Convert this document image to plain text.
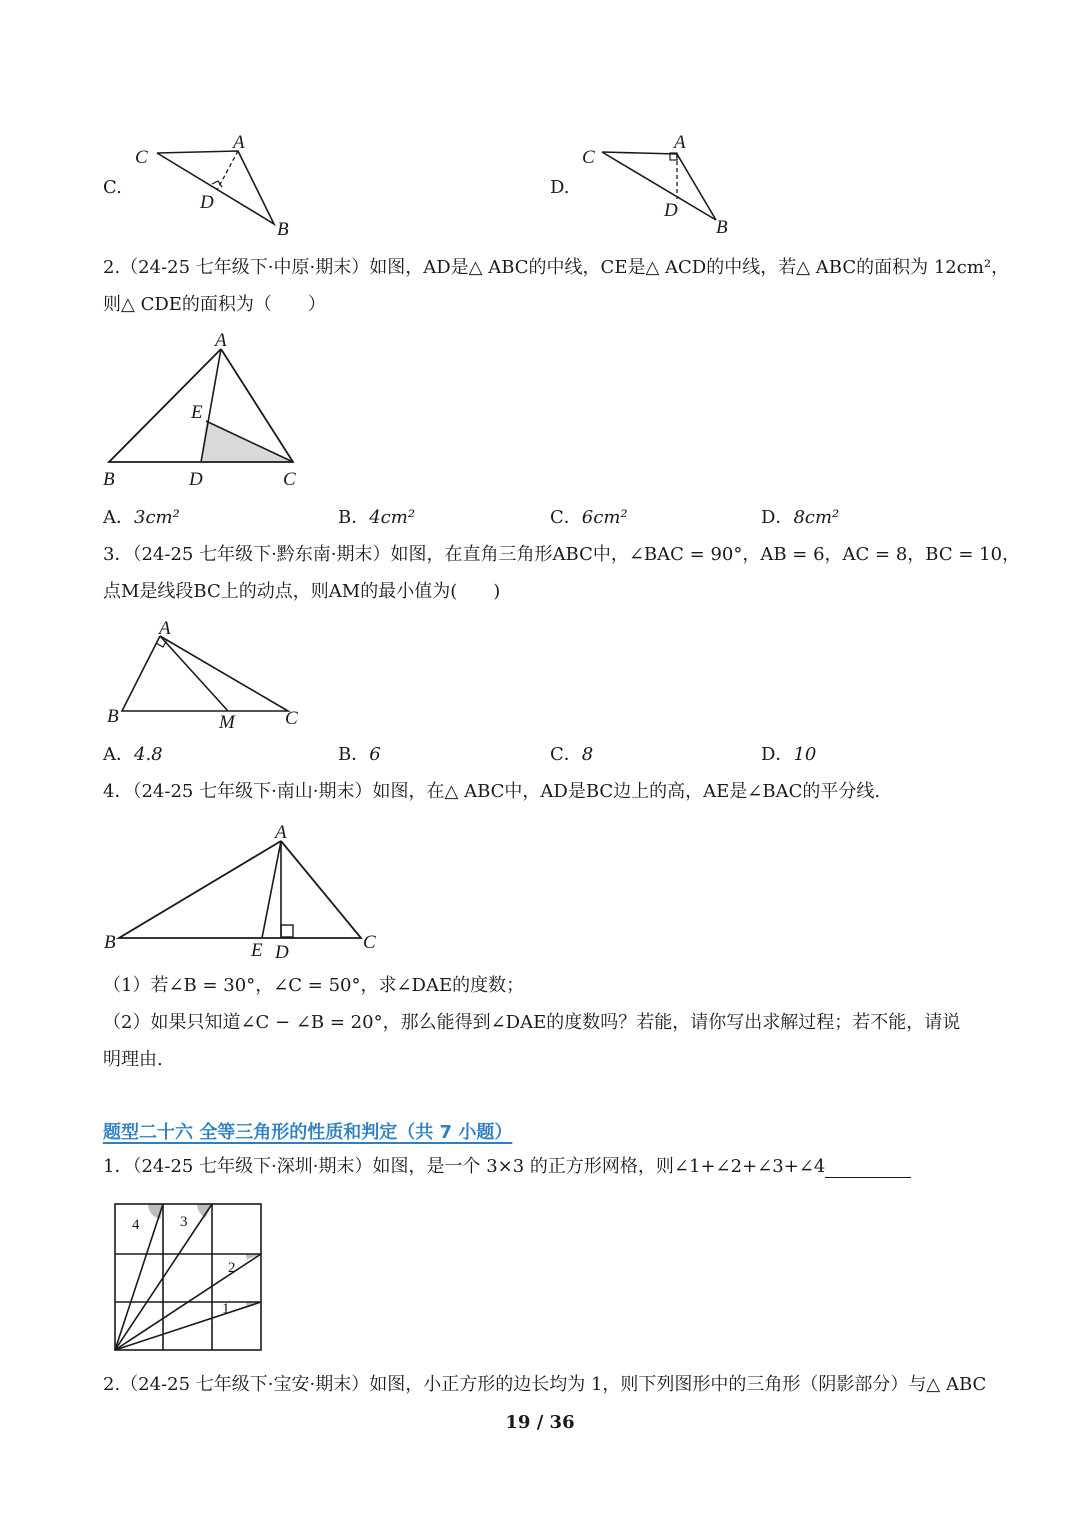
C.
C
A
D
B
D.
C
A
D
B
2.（24-25 七年级下·中原·期末）如图，AD是△ ABC的中线，CE是△ ACD的中线，若△ ABC的面积为 12cm²，
则△ CDE的面积为（　　）
A
E
B	D	C
A．3cm²	B．4cm²	C．6cm²	D．8cm²
3．（24-25 七年级下·黔东南·期末）如图，在直角三角形ABC中，∠BAC = 90°，AB = 6，AC = 8，BC = 10，
点M是线段BC上的动点，则AM的最小值为(　　)
A
B	M	C
A．4.8	B．6	C．8	D．10
4．（24-25 七年级下·南山·期末）如图，在△ ABC中，AD是BC边上的高，AE是∠BAC的平分线.
A
B	E D	C
（1）若∠B = 30°，∠C = 50°，求∠DAE的度数；
（2）如果只知道∠C − ∠B = 20°，那么能得到∠DAE的度数吗？若能，请你写出求解过程；若不能，请说
明理由.
题型二十六 全等三角形的性质和判定（共 7 小题）
1．（24-25 七年级下·深圳·期末）如图，是一个 3×3 的正方形网格，则∠1+∠2+∠3+∠4
4	3
2
1
2.（24-25 七年级下·宝安·期末）如图，小正方形的边长均为 1，则下列图形中的三角形（阴影部分）与△ ABC
19 / 36
